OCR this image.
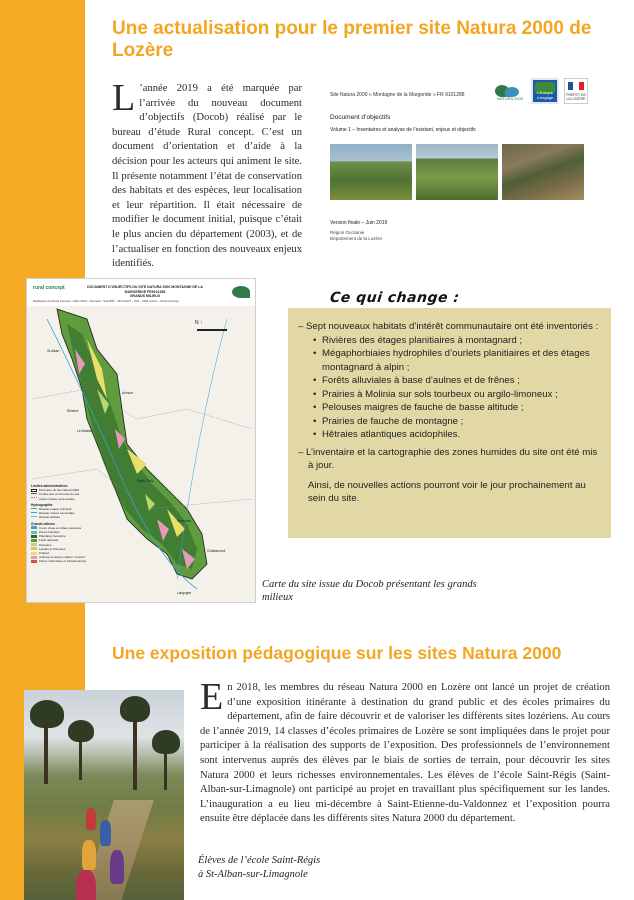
Une actualisation pour le premier site Natura 2000 de Lozère
L ’année 2019 a été marquée par l’arrivée du nouveau document d’objectifs (Docob) réalisé par le bureau d’étude Rural concept. C’est un document d’orientation et d’aide à la décision pour les acteurs qui animent le site. Il présente notamment l’état de conservation des habitats et des espèces, leur localisation et leur répartition. Il était nécessaire de modifier le document initial, puisque c’était le plus ancien du département (2003), et de l’actualiser en fonction des nouveaux enjeux identifiés.
Site Natura 2000 « Montagne de la Margeride » FR 9101288
NATURA 2000
L’Europe s’engage	PRÉFET DE LA LOZÈRE
Document d’objectifs
Volume 1 – Inventaires et analyse de l’existant, enjeux et objectifs
Version finale – Juin 2019
Région Occitanie
Département de la Lozère
rural concept	DOCUMENT D’OBJECTIFS DU SITE NATURA 2000 MONTAGNE DE LA MARGERIDE FR9101288
GRANDS MILIEUX
Réalisation par Rural Concept – Mars 2019 – Données : Scan25® – Bd Carto® – IGN – CEN Lozère – Rural Concept
N ↑
St-Alban
Rimeize
Aumont
Le Malzieu
Saint-Chély
Grandrieu
Châteauneuf
Langogne
Limites administratives
Périmètre du site Natura 2000
Limites des communes du site
Autres limites communales
Hydrographie
Réseau majeur principal
Réseau mineur secondaire
Réseau tertiaire
Grands milieux
Cours d’eau et milieux associés
Zones humides
Plantation forestière
Forêt naturelle
Pelouses
Landes et Pelouses
Prairies
Cultures et autres milieux “ouverts”
Zones urbanisées et infrastructures
Carte du site issue du Docob présentant les grands milieux
Ce qui change :
– Sept nouveaux habitats d’intérêt communautaire ont été inventoriés :
• Rivières des étages planitiaires à montagnard ;
• Mégaphorbiaies hydrophiles d’ourlets planitiaires et des étages montagnard à alpin ;
• Forêts alluviales à base d’aulnes et de frênes ;
• Prairies à Molinia sur sols tourbeux ou argilo-limoneux ;
• Pelouses maigres de fauche de basse altitude ;
• Prairies de fauche de montagne ;
• Hêtraies atlantiques acidophiles.
– L’inventaire et la cartographie des zones humides du site ont été mis à jour.
Ainsi, de nouvelles actions pourront voir le jour prochainement au sein du site.
Une exposition pédagogique sur les sites Natura 2000
En 2018, les membres du réseau Natura 2000 en Lozère ont lancé un projet de création d’une exposition itinérante à destination du grand public et des écoles primaires du département, afin de faire découvrir et de valoriser les différents sites lozériens. Au cours de l’année 2019, 14 classes d’écoles primaires de Lozère se sont impliquées dans le projet pour participer à la réalisation des supports de l’exposition. Des professionnels de l’environnement sont intervenus auprès des élèves par le biais de sorties de terrain, pour découvrir les sites Natura 2000 et leurs richesses environnementales. Les élèves de l’école Saint-Régis (Saint-Alban-sur-Limagnole) ont participé au projet en travaillant plus spécifiquement sur les landes. L’inauguration a eu lieu mi-décembre à Saint-Etienne-du-Valdonnez et l’exposition pourra ensuite être déplacée dans les différents sites Natura 2000 du département.
Élèves de l’école Saint-Régis
à St-Alban-sur-Limagnole
